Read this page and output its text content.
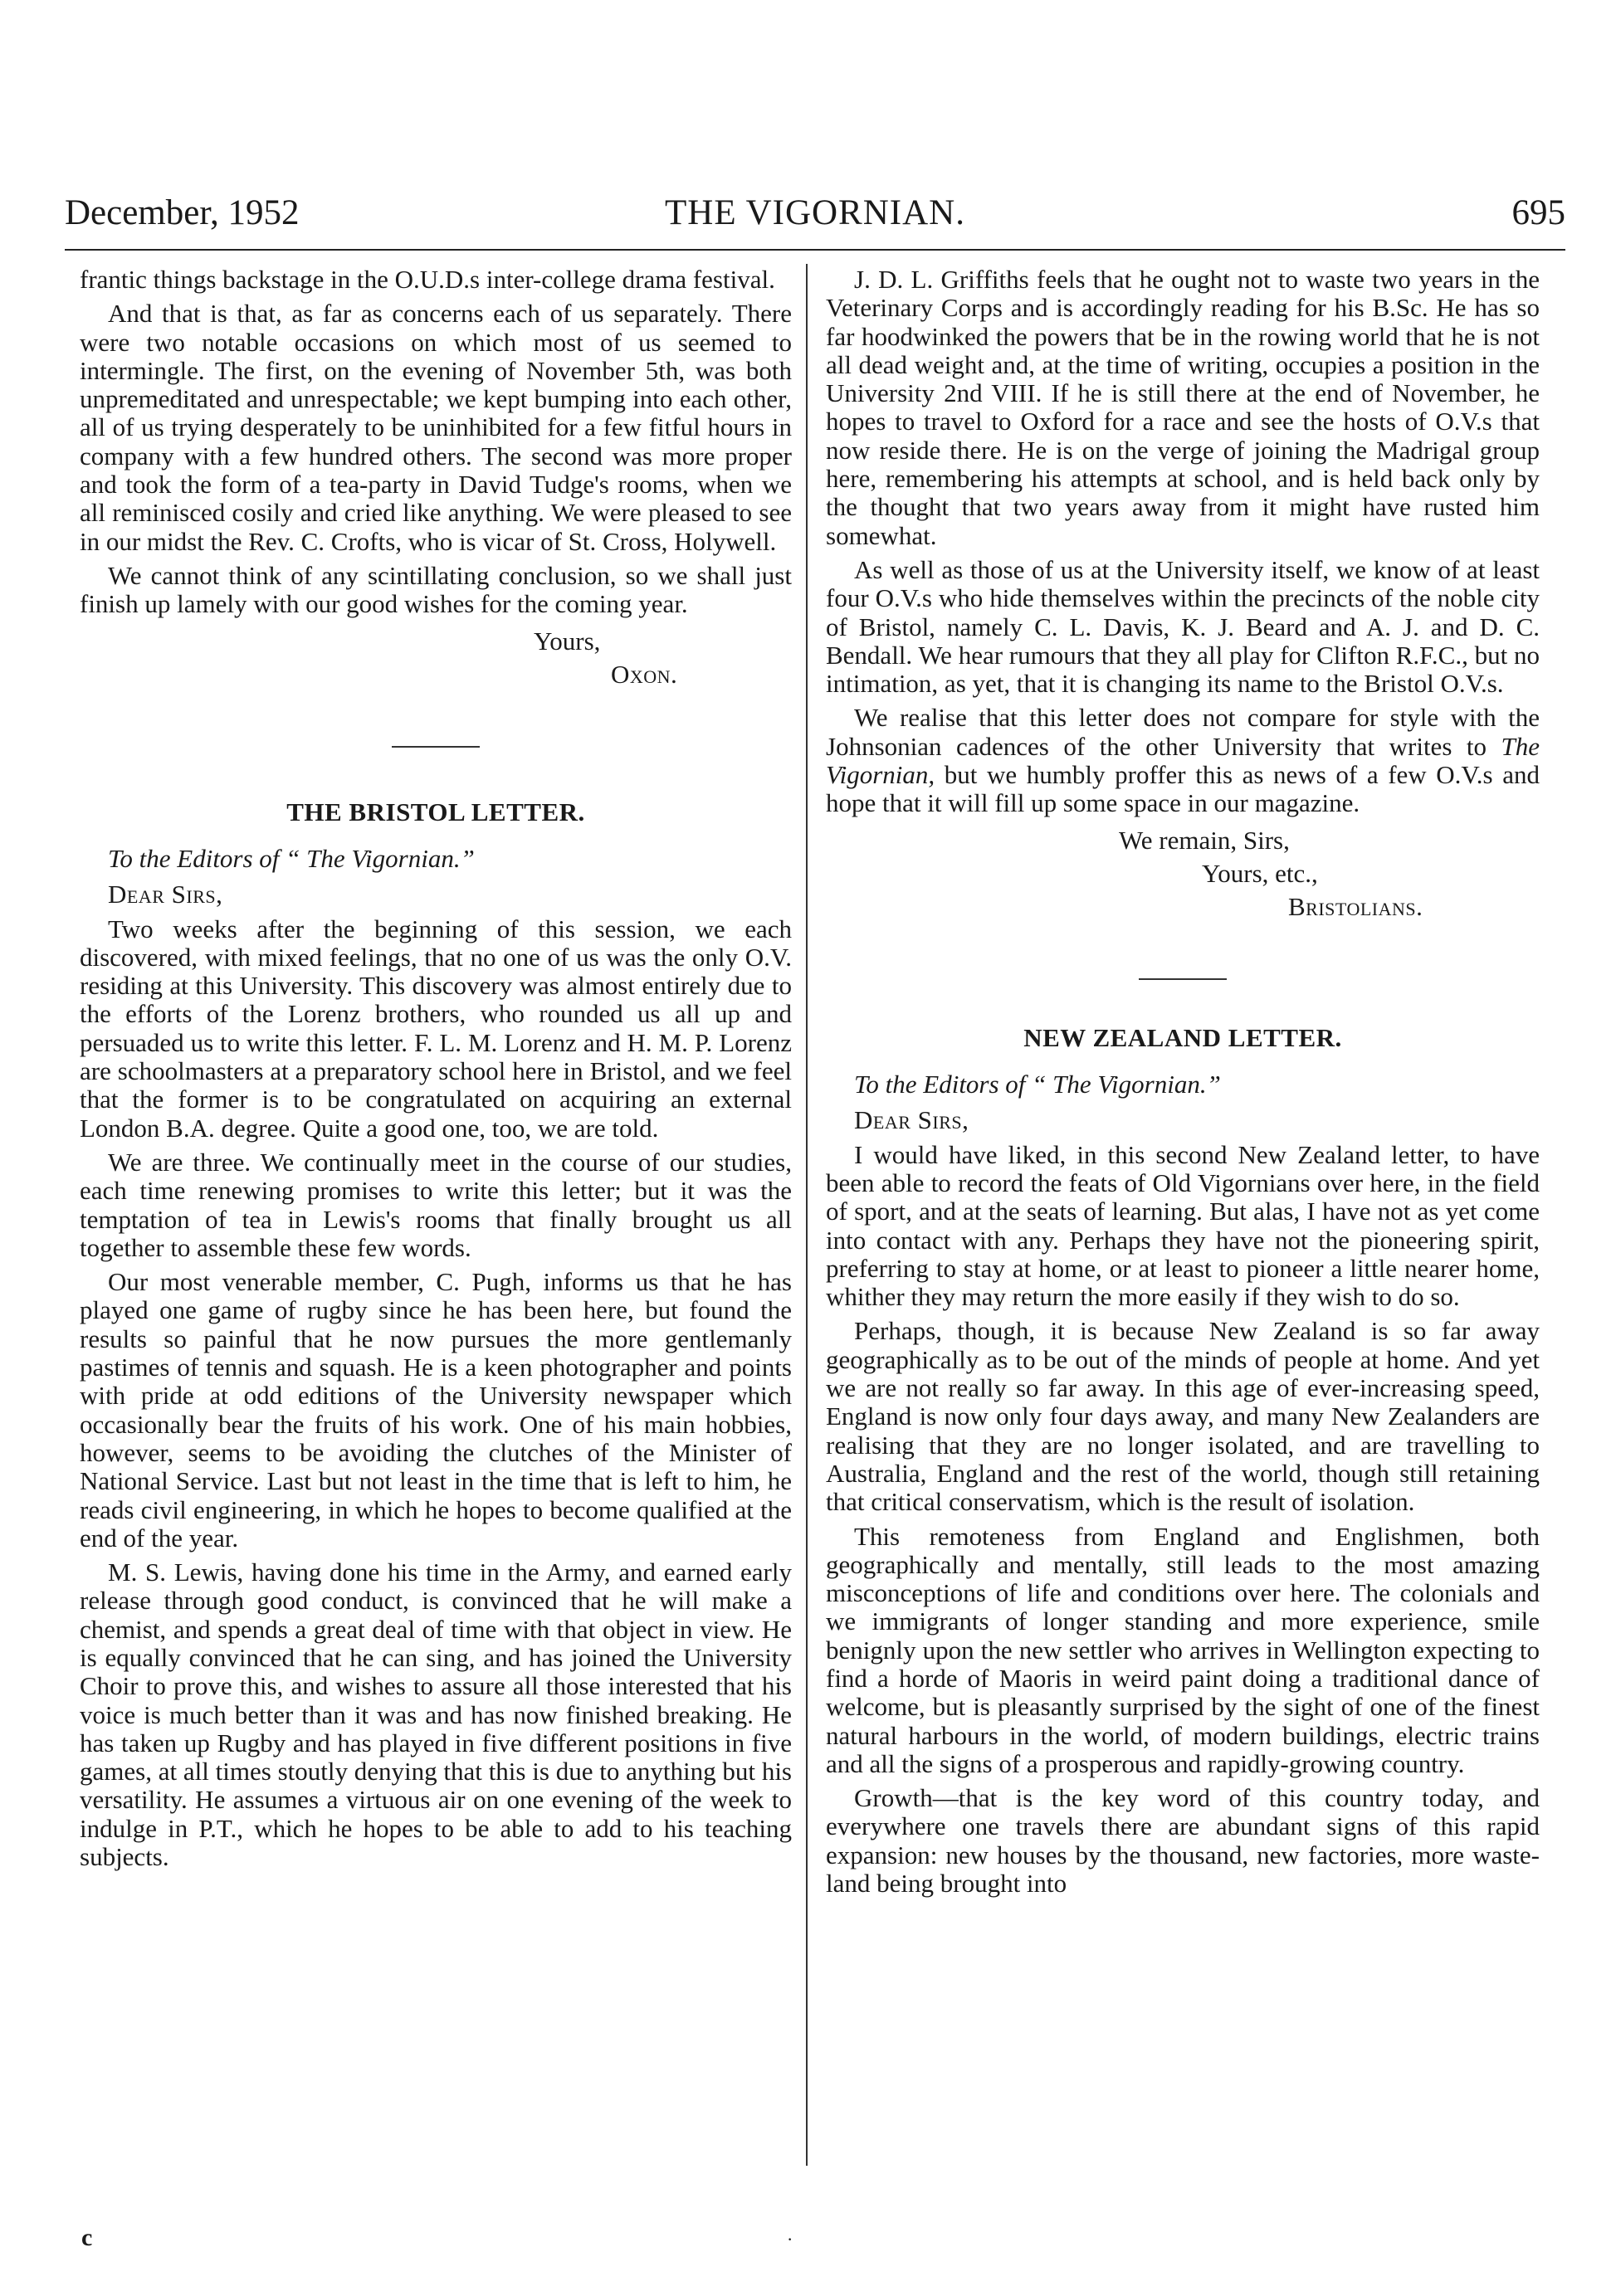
December, 1952	THE VIGORNIAN.	695

frantic things backstage in the O.U.D.s inter-college drama festival.

And that is that, as far as concerns each of us separately. There were two notable occasions on which most of us seemed to intermingle. The first, on the evening of November 5th, was both unpremeditated and unrespectable; we kept bumping into each other, all of us trying desperately to be uninhibited for a few fitful hours in company with a few hundred others. The second was more proper and took the form of a tea-party in David Tudge's rooms, when we all reminisced cosily and cried like anything. We were pleased to see in our midst the Rev. C. Crofts, who is vicar of St. Cross, Holywell.

We cannot think of any scintillating conclusion, so we shall just finish up lamely with our good wishes for the coming year.

Yours,
Oxon.
THE BRISTOL LETTER.

To the Editors of “ The Vigornian.”

Dear Sirs,

Two weeks after the beginning of this session, we each discovered, with mixed feelings, that no one of us was the only O.V. residing at this University. This discovery was almost entirely due to the efforts of the Lorenz brothers, who rounded us all up and persuaded us to write this letter. F. L. M. Lorenz and H. M. P. Lorenz are schoolmasters at a preparatory school here in Bristol, and we feel that the former is to be congratulated on acquiring an external London B.A. degree. Quite a good one, too, we are told.

We are three. We continually meet in the course of our studies, each time renewing promises to write this letter; but it was the temptation of tea in Lewis's rooms that finally brought us all together to assemble these few words.

Our most venerable member, C. Pugh, informs us that he has played one game of rugby since he has been here, but found the results so painful that he now pursues the more gentlemanly pastimes of tennis and squash. He is a keen photographer and points with pride at odd editions of the University newspaper which occasionally bear the fruits of his work. One of his main hobbies, however, seems to be avoiding the clutches of the Minister of National Service. Last but not least in the time that is left to him, he reads civil engineering, in which he hopes to become qualified at the end of the year.

M. S. Lewis, having done his time in the Army, and earned early release through good conduct, is convinced that he will make a chemist, and spends a great deal of time with that object in view. He is equally convinced that he can sing, and has joined the University Choir to prove this, and wishes to assure all those interested that his voice is much better than it was and has now finished breaking. He has taken up Rugby and has played in five different positions in five games, at all times stoutly denying that this is due to anything but his versatility. He assumes a virtuous air on one evening of the week to indulge in P.T., which he hopes to be able to add to his teaching subjects.

J. D. L. Griffiths feels that he ought not to waste two years in the Veterinary Corps and is accordingly reading for his B.Sc. He has so far hoodwinked the powers that be in the rowing world that he is not all dead weight and, at the time of writing, occupies a position in the University 2nd VIII. If he is still there at the end of November, he hopes to travel to Oxford for a race and see the hosts of O.V.s that now reside there. He is on the verge of joining the Madrigal group here, remembering his attempts at school, and is held back only by the thought that two years away from it might have rusted him somewhat.

As well as those of us at the University itself, we know of at least four O.V.s who hide themselves within the precincts of the noble city of Bristol, namely C. L. Davis, K. J. Beard and A. J. and D. C. Bendall. We hear rumours that they all play for Clifton R.F.C., but no intimation, as yet, that it is changing its name to the Bristol O.V.s.

We realise that this letter does not compare for style with the Johnsonian cadences of the other University that writes to The Vigornian, but we humbly proffer this as news of a few O.V.s and hope that it will fill up some space in our magazine.

We remain, Sirs,
Yours, etc.,
Bristolians.
NEW ZEALAND LETTER.

To the Editors of “ The Vigornian.”

Dear Sirs,

I would have liked, in this second New Zealand letter, to have been able to record the feats of Old Vigornians over here, in the field of sport, and at the seats of learning. But alas, I have not as yet come into contact with any. Perhaps they have not the pioneering spirit, preferring to stay at home, or at least to pioneer a little nearer home, whither they may return the more easily if they wish to do so.

Perhaps, though, it is because New Zealand is so far away geographically as to be out of the minds of people at home. And yet we are not really so far away. In this age of ever-increasing speed, England is now only four days away, and many New Zealanders are realising that they are no longer isolated, and are travelling to Australia, England and the rest of the world, though still retaining that critical conservatism, which is the result of isolation.

This remoteness from England and Englishmen, both geographically and mentally, still leads to the most amazing misconceptions of life and conditions over here. The colonials and we immigrants of longer standing and more experience, smile benignly upon the new settler who arrives in Wellington expecting to find a horde of Maoris in weird paint doing a traditional dance of welcome, but is pleasantly surprised by the sight of one of the finest natural harbours in the world, of modern buildings, electric trains and all the signs of a prosperous and rapidly-growing country.

Growth—that is the key word of this country today, and everywhere one travels there are abundant signs of this rapid expansion: new houses by the thousand, new factories, more waste-land being brought into

c	·
